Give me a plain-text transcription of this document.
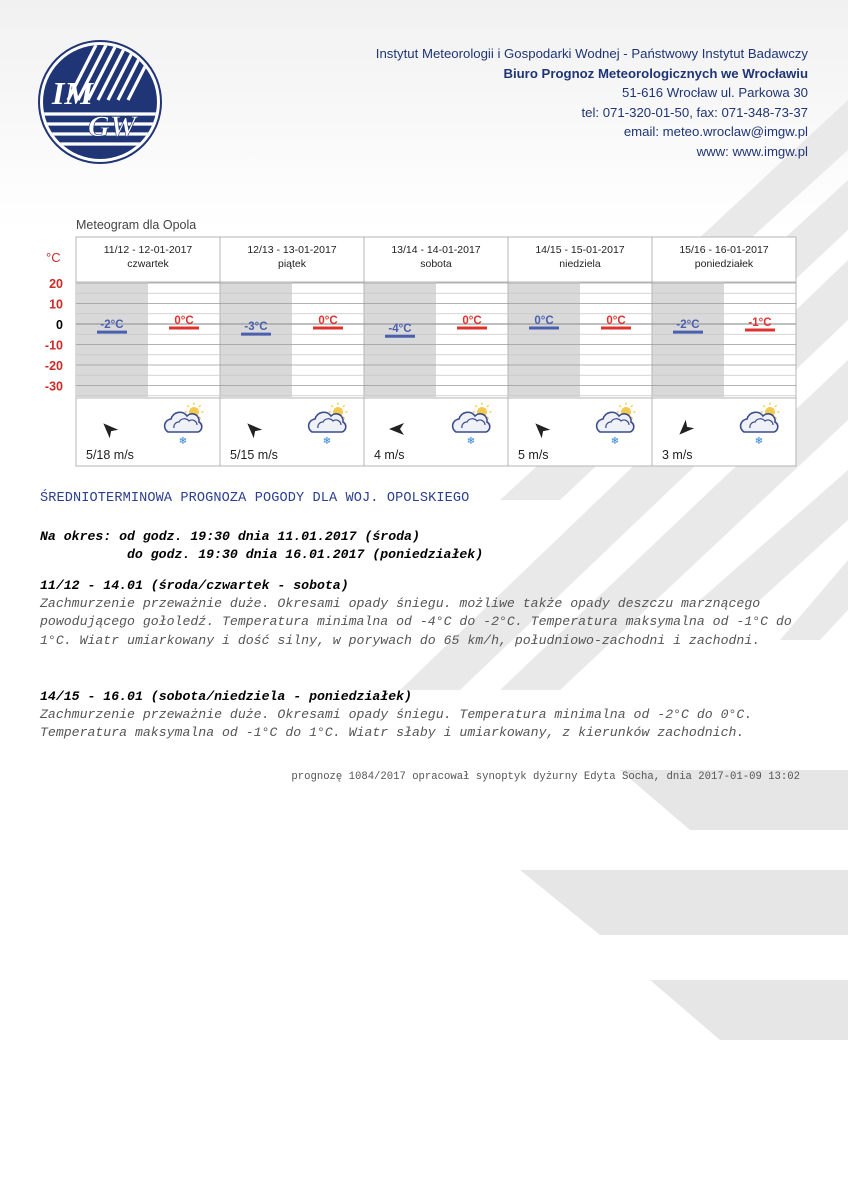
IM
GW
Instytut Meteorologii i Gospodarki Wodnej - Państwowy Instytut Badawczy
Biuro Prognoz Meteorologicznych we Wrocławiu
51-616 Wrocław ul. Parkowa 30
tel: 071-320-01-50, fax: 071-348-73-37
email: meteo.wroclaw@imgw.pl
www: www.imgw.pl
Meteogram dla Opola
°C
20
10
0
-10
-20
-30
11/12 - 12-01-2017
czwartek
-2°C	0°C
5/18 m/s
❄
12/13 - 13-01-2017
piątek
-3°C
0°C
5/15 m/s
❄
13/14 - 14-01-2017
sobota
-4°C
0°C
4 m/s
❄
14/15 - 15-01-2017
niedziela
0°C	0°C
5 m/s
❄
15/16 - 16-01-2017
poniedziałek
-2°C	-1°C
3 m/s
❄
ŚREDNIOTERMINOWA PROGNOZA POGODY DLA WOJ. OPOLSKIEGO
Na okres: od godz. 19:30 dnia 11.01.2017 (środa)
do godz. 19:30 dnia 16.01.2017 (poniedziałek)
11/12 - 14.01 (środa/czwartek - sobota)
Zachmurzenie przeważnie duże. Okresami opady śniegu. możliwe także opady deszczu marznącego powodującego gołoledź. Temperatura minimalna od -4°C do -2°C. Temperatura maksymalna od -1°C do 1°C. Wiatr umiarkowany i dość silny, w porywach do 65 km/h, południowo-zachodni i zachodni.
14/15 - 16.01 (sobota/niedziela - poniedziałek)
Zachmurzenie przeważnie duże. Okresami opady śniegu. Temperatura minimalna od -2°C do 0°C. Temperatura maksymalna od -1°C do 1°C. Wiatr słaby i umiarkowany, z kierunków zachodnich.
prognozę 1084/2017 opracował synoptyk dyżurny Edyta Socha, dnia 2017-01-09 13:02
